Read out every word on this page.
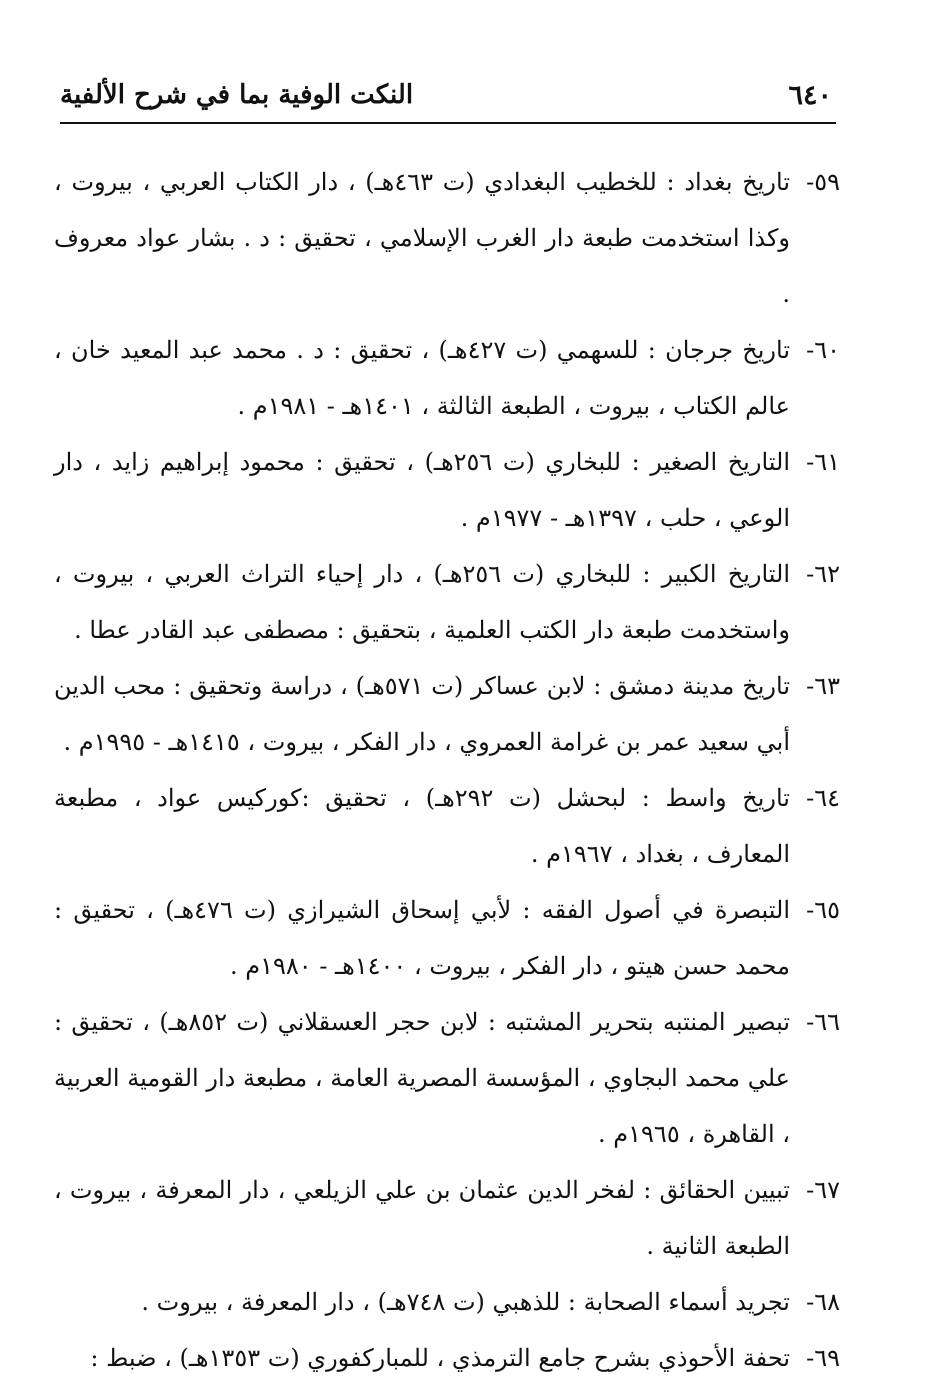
٦٤٠
النكت الوفية بما في شرح الألفية
٥٩-
تاريخ بغداد : للخطيب البغدادي (ت ٤٦٣هـ) ، دار الكتاب العربي ، بيروت ، وكذا استخدمت طبعة دار الغرب الإسلامي ، تحقيق : د . بشار عواد معروف .
٦٠-
تاريخ جرجان : للسهمي (ت ٤٢٧هـ) ، تحقيق : د . محمد عبد المعيد خان ، عالم الكتاب ، بيروت ، الطبعة الثالثة ، ١٤٠١هـ - ١٩٨١م .
٦١-
التاريخ الصغير : للبخاري (ت ٢٥٦هـ) ، تحقيق : محمود إبراهيم زايد ، دار الوعي ، حلب ، ١٣٩٧هـ - ١٩٧٧م .
٦٢-
التاريخ الكبير : للبخاري (ت ٢٥٦هـ) ، دار إحياء التراث العربي ، بيروت ، واستخدمت طبعة دار الكتب العلمية ، بتحقيق : مصطفى عبد القادر عطا .
٦٣-
تاريخ مدينة دمشق : لابن عساكر (ت ٥٧١هـ) ، دراسة وتحقيق : محب الدين أبي سعيد عمر بن غرامة العمروي ، دار الفكر ، بيروت ، ١٤١٥هـ - ١٩٩٥م .
٦٤-
تاريخ واسط : لبحشل (ت ٢٩٢هـ) ، تحقيق :كوركيس عواد ، مطبعة المعارف ، بغداد ، ١٩٦٧م .
٦٥-
التبصرة في أصول الفقه : لأبي إسحاق الشيرازي (ت ٤٧٦هـ) ، تحقيق : محمد حسن هيتو ، دار الفكر ، بيروت ، ١٤٠٠هـ - ١٩٨٠م .
٦٦-
تبصير المنتبه بتحرير المشتبه : لابن حجر العسقلاني (ت ٨٥٢هـ) ، تحقيق : علي محمد البجاوي ، المؤسسة المصرية العامة ، مطبعة دار القومية العربية ، القاهرة ، ١٩٦٥م .
٦٧-
تبيين الحقائق : لفخر الدين عثمان بن علي الزيلعي ، دار المعرفة ، بيروت ، الطبعة الثانية .
٦٨-
تجريد أسماء الصحابة : للذهبي (ت ٧٤٨هـ) ، دار المعرفة ، بيروت .
٦٩-
تحفة الأحوذي بشرح جامع الترمذي ، للمباركفوري (ت ١٣٥٣هـ) ، ضبط :
